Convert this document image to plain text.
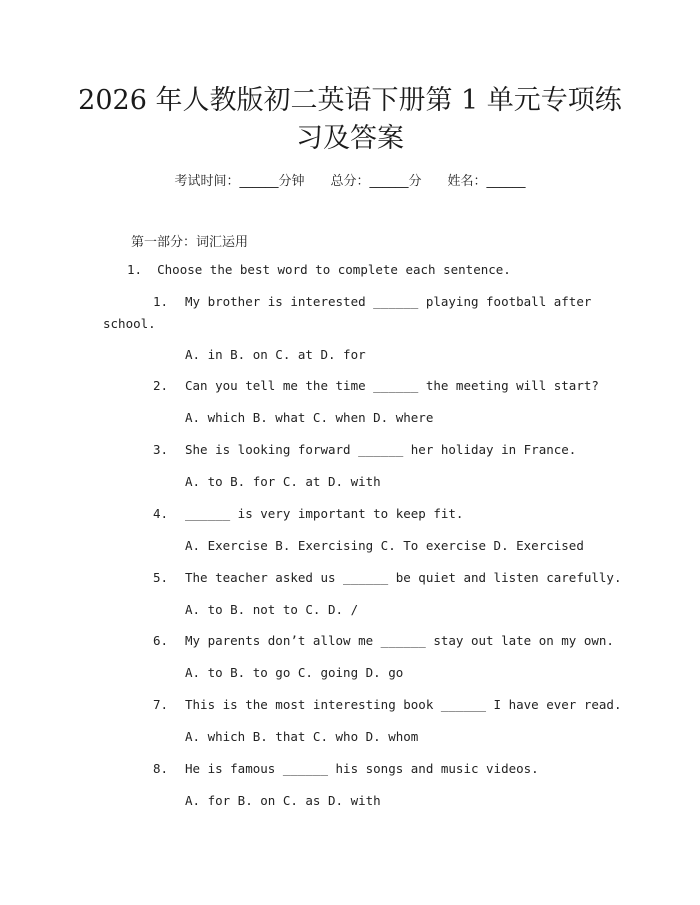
2026 年人教版初二英语下册第 1 单元专项练
习及答案
考试时间：______分钟 总分：______分 姓名：______
第一部分：词汇运用
1. Choose the best word to complete each sentence.
1. My brother is interested ______ playing football after
school.
A. in B. on C. at D. for
2. Can you tell me the time ______ the meeting will start?
A. which B. what C. when D. where
3. She is looking forward ______ her holiday in France.
A. to B. for C. at D. with
4. ______ is very important to keep fit.
A. Exercise B. Exercising C. To exercise D. Exercised
5. The teacher asked us ______ be quiet and listen carefully.
A. to B. not to C. D. /
6. My parents don’t allow me ______ stay out late on my own.
A. to B. to go C. going D. go
7. This is the most interesting book ______ I have ever read.
A. which B. that C. who D. whom
8. He is famous ______ his songs and music videos.
A. for B. on C. as D. with
